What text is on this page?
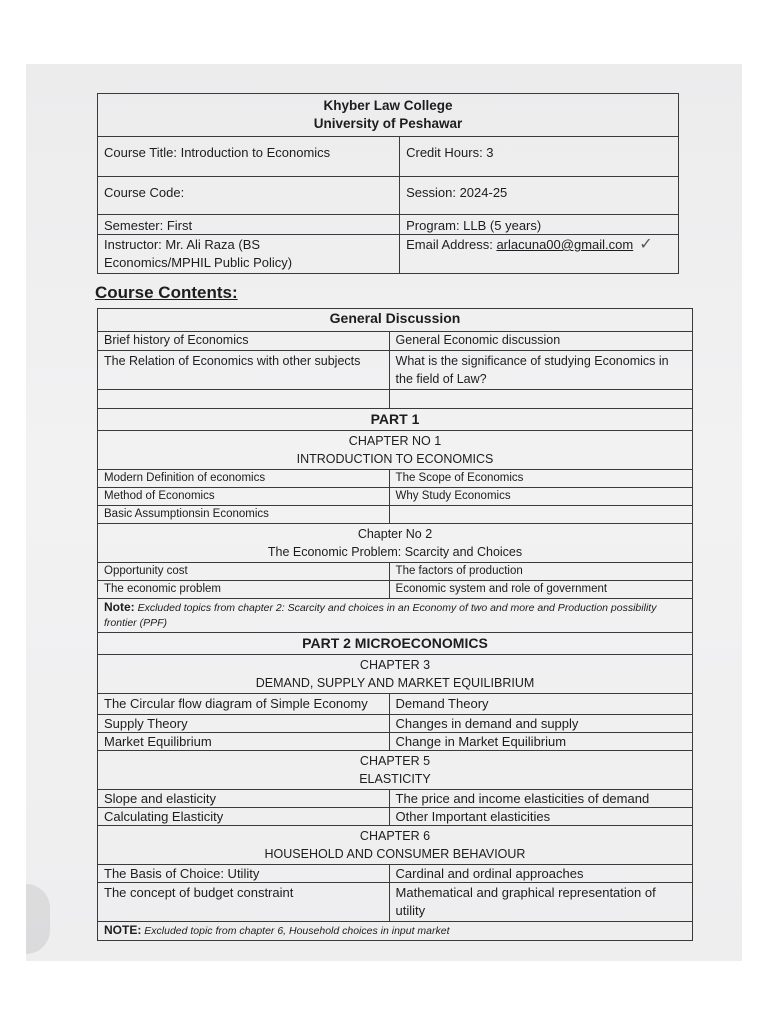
Khyber Law College
University of Peshawar	

Course Title: Introduction to Economics	Credit Hours: 3
Course Code:	Session: 2024-25
Semester: First	Program: LLB (5 years)

Instructor: Mr. Ali Raza (BS
Economics/MPHIL Public Policy)	Email Address: arlacuna00@gmail.com ✓
Course Contents:
General Discussion	
Brief history of Economics	General Economic discussion
The Relation of Economics with other subjects	What is the significance of studying Economics in the field of Law?

PART 1	

CHAPTER NO 1
INTRODUCTION TO ECONOMICS	

Modern Definition of economics	The Scope of Economics
Method of Economics	Why Study Economics
Basic Assumptionsin Economics	

Chapter No 2
The Economic Problem: Scarcity and Choices	

Opportunity cost	The factors of production
The economic problem	Economic system and role of government
Note: Excluded topics from chapter 2: Scarcity and choices in an Economy of two and more and Production possibility frontier (PPF)	
PART 2 MICROECONOMICS	

CHAPTER 3
DEMAND, SUPPLY AND MARKET EQUILIBRIUM	

The Circular flow diagram of Simple Economy	Demand Theory
Supply Theory	Changes in demand and supply
Market Equilibrium	Change in Market Equilibrium

CHAPTER 5
ELASTICITY	

Slope and elasticity	The price and income elasticities of demand
Calculating Elasticity	Other Important elasticities

CHAPTER 6
HOUSEHOLD AND CONSUMER BEHAVIOUR	

The Basis of Choice: Utility	Cardinal and ordinal approaches
The concept of budget constraint	Mathematical and graphical representation of utility
NOTE: Excluded topic from chapter 6, Household choices in input market	
